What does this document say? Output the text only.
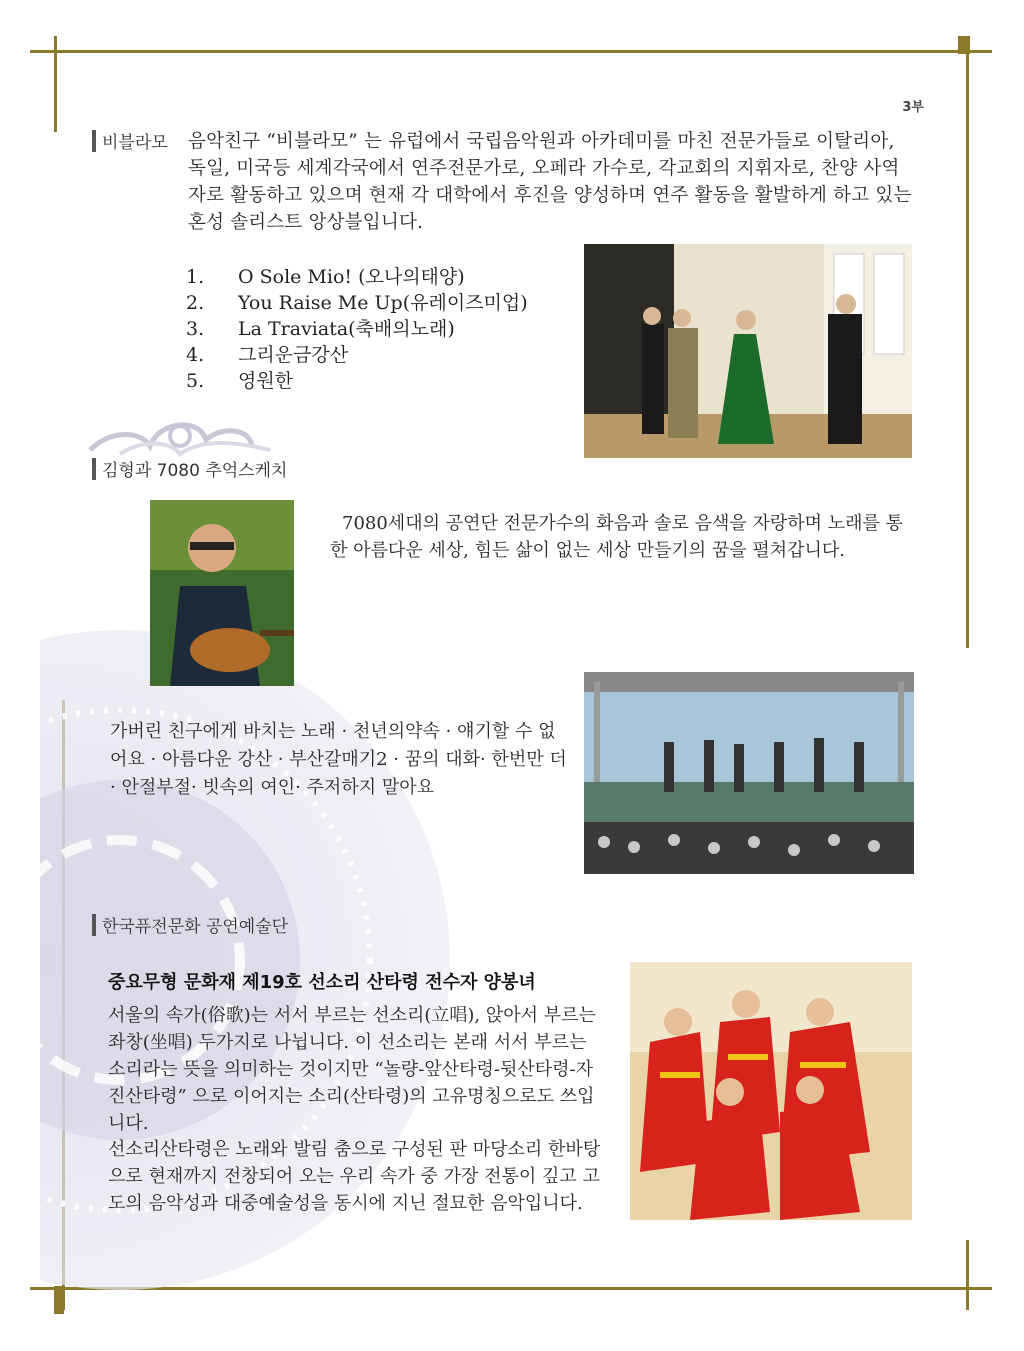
3부
비블라모 음악친구 “비블라모” 는 유럽에서 국립음악원과 아카데미를 마친 전문가들로 이탈리아, 독일, 미국등 세계각국에서 연주전문가로, 오페라 가수로, 각교회의 지휘자로, 찬양 사역자로 활동하고 있으며 현재 각 대학에서 후진을 양성하며 연주 활동을 활발하게 하고 있는 혼성 솔리스트 앙상블입니다.
1.	O Sole Mio! (오나의태양)
2.	You Raise Me Up(유레이즈미업)
3.	La Traviata(축배의노래)
4.	그리운금강산
5.	영원한
김형과 7080 추억스케치
7080세대의 공연단 전문가수의 화음과 솔로 음색을 자랑하며 노래를 통한 아름다운 세상, 힘든 삶이 없는 세상 만들기의 꿈을 펼쳐갑니다.
가버린 친구에게 바치는 노래 · 천년의약속 · 얘기할 수 없어요 · 아름다운 강산 · 부산갈매기2 · 꿈의 대화· 한번만 더· 안절부절· 빗속의 여인· 주저하지 말아요
한국퓨전문화 공연예술단
중요무형 문화재 제19호 선소리 산타령 전수자 양봉녀
서울의 속가(俗歌)는 서서 부르는 선소리(立唱), 앉아서 부르는 좌창(坐唱) 두가지로 나뉩니다. 이 선소리는 본래 서서 부르는 소리라는 뜻을 의미하는 것이지만 “놀량-앞산타령-뒷산타령-자진산타령” 으로 이어지는 소리(산타령)의 고유명칭으로도 쓰입니다.
선소리산타령은 노래와 발림 춤으로 구성된 판 마당소리 한바탕으로 현재까지 전창되어 오는 우리 속가 중 가장 전통이 깊고 고도의 음악성과 대중예술성을 동시에 지닌 절묘한 음악입니다.
